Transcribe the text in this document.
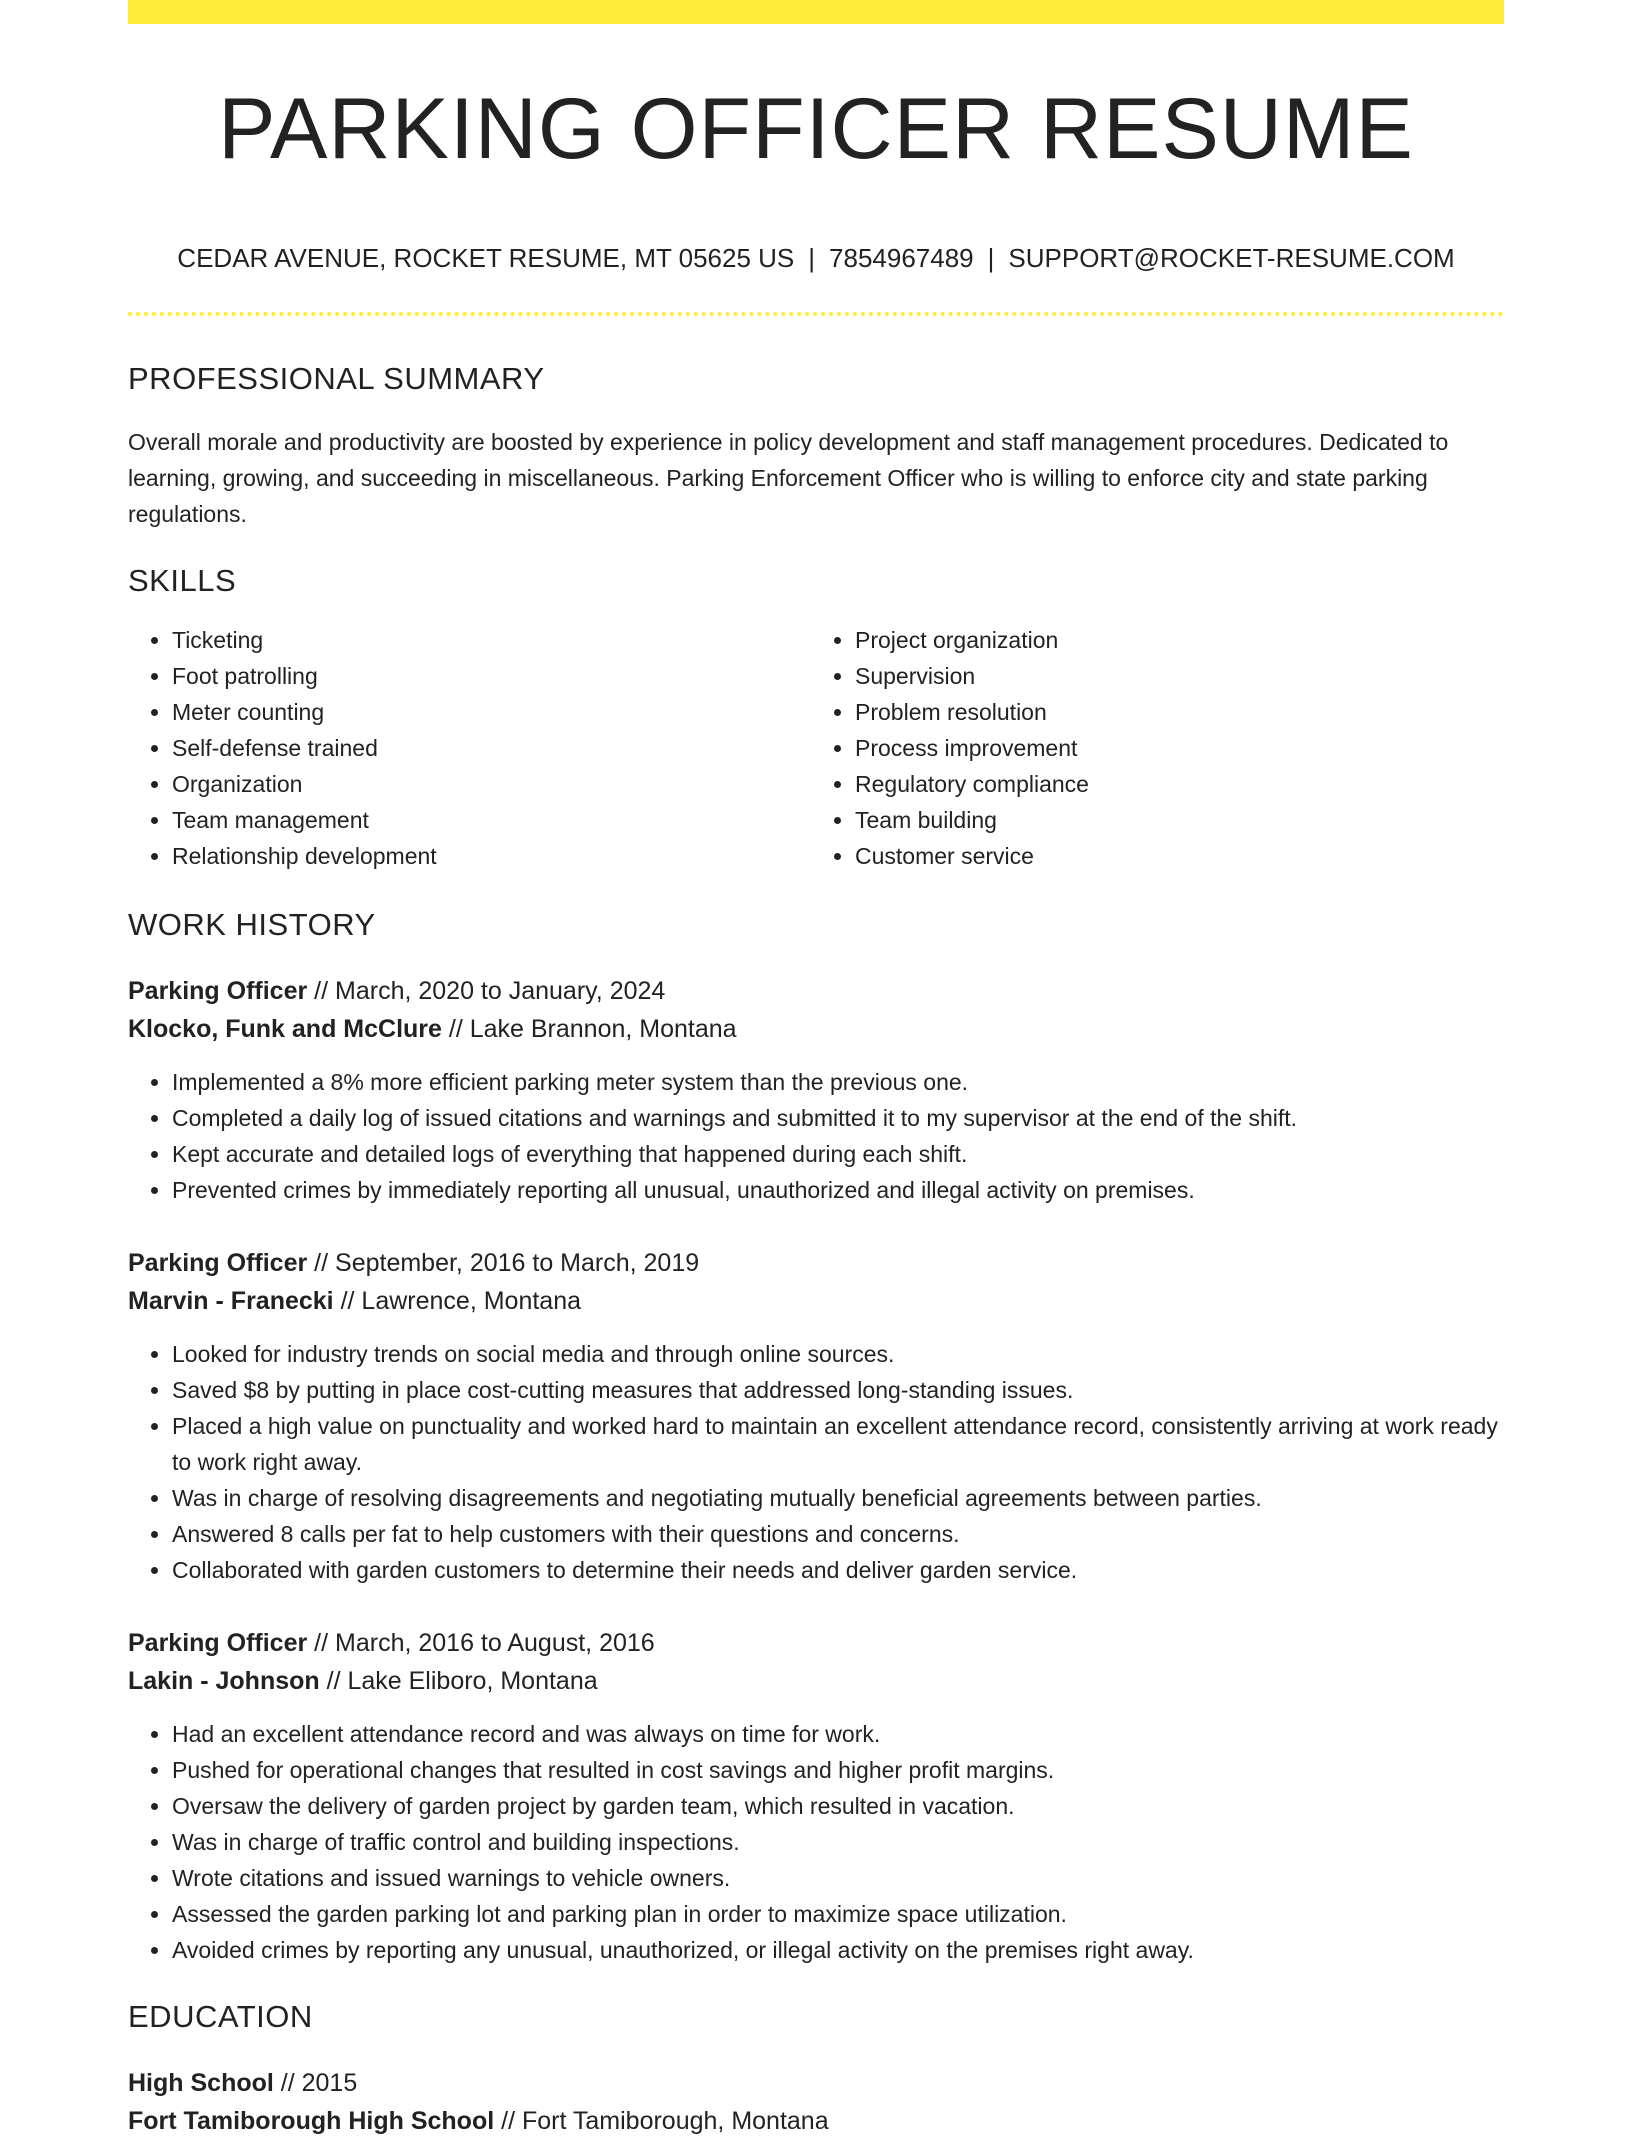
PARKING OFFICER RESUME
CEDAR AVENUE, ROCKET RESUME, MT 05625 US | 7854967489 | SUPPORT@ROCKET-RESUME.COM
PROFESSIONAL SUMMARY
Overall morale and productivity are boosted by experience in policy development and staff management procedures. Dedicated to learning, growing, and succeeding in miscellaneous. Parking Enforcement Officer who is willing to enforce city and state parking regulations.
SKILLS
• Ticketing
• Foot patrolling
• Meter counting
• Self-defense trained
• Organization
• Team management
• Relationship development
• Project organization
• Supervision
• Problem resolution
• Process improvement
• Regulatory compliance
• Team building
• Customer service
WORK HISTORY
Parking Officer // March, 2020 to January, 2024
Klocko, Funk and McClure // Lake Brannon, Montana
• Implemented a 8% more efficient parking meter system than the previous one.
• Completed a daily log of issued citations and warnings and submitted it to my supervisor at the end of the shift.
• Kept accurate and detailed logs of everything that happened during each shift.
• Prevented crimes by immediately reporting all unusual, unauthorized and illegal activity on premises.
Parking Officer // September, 2016 to March, 2019
Marvin - Franecki // Lawrence, Montana
• Looked for industry trends on social media and through online sources.
• Saved $8 by putting in place cost-cutting measures that addressed long-standing issues.
• Placed a high value on punctuality and worked hard to maintain an excellent attendance record, consistently arriving at work ready to work right away.
• Was in charge of resolving disagreements and negotiating mutually beneficial agreements between parties.
• Answered 8 calls per fat to help customers with their questions and concerns.
• Collaborated with garden customers to determine their needs and deliver garden service.
Parking Officer // March, 2016 to August, 2016
Lakin - Johnson // Lake Eliboro, Montana
• Had an excellent attendance record and was always on time for work.
• Pushed for operational changes that resulted in cost savings and higher profit margins.
• Oversaw the delivery of garden project by garden team, which resulted in vacation.
• Was in charge of traffic control and building inspections.
• Wrote citations and issued warnings to vehicle owners.
• Assessed the garden parking lot and parking plan in order to maximize space utilization.
• Avoided crimes by reporting any unusual, unauthorized, or illegal activity on the premises right away.
EDUCATION
High School // 2015
Fort Tamiborough High School // Fort Tamiborough, Montana
